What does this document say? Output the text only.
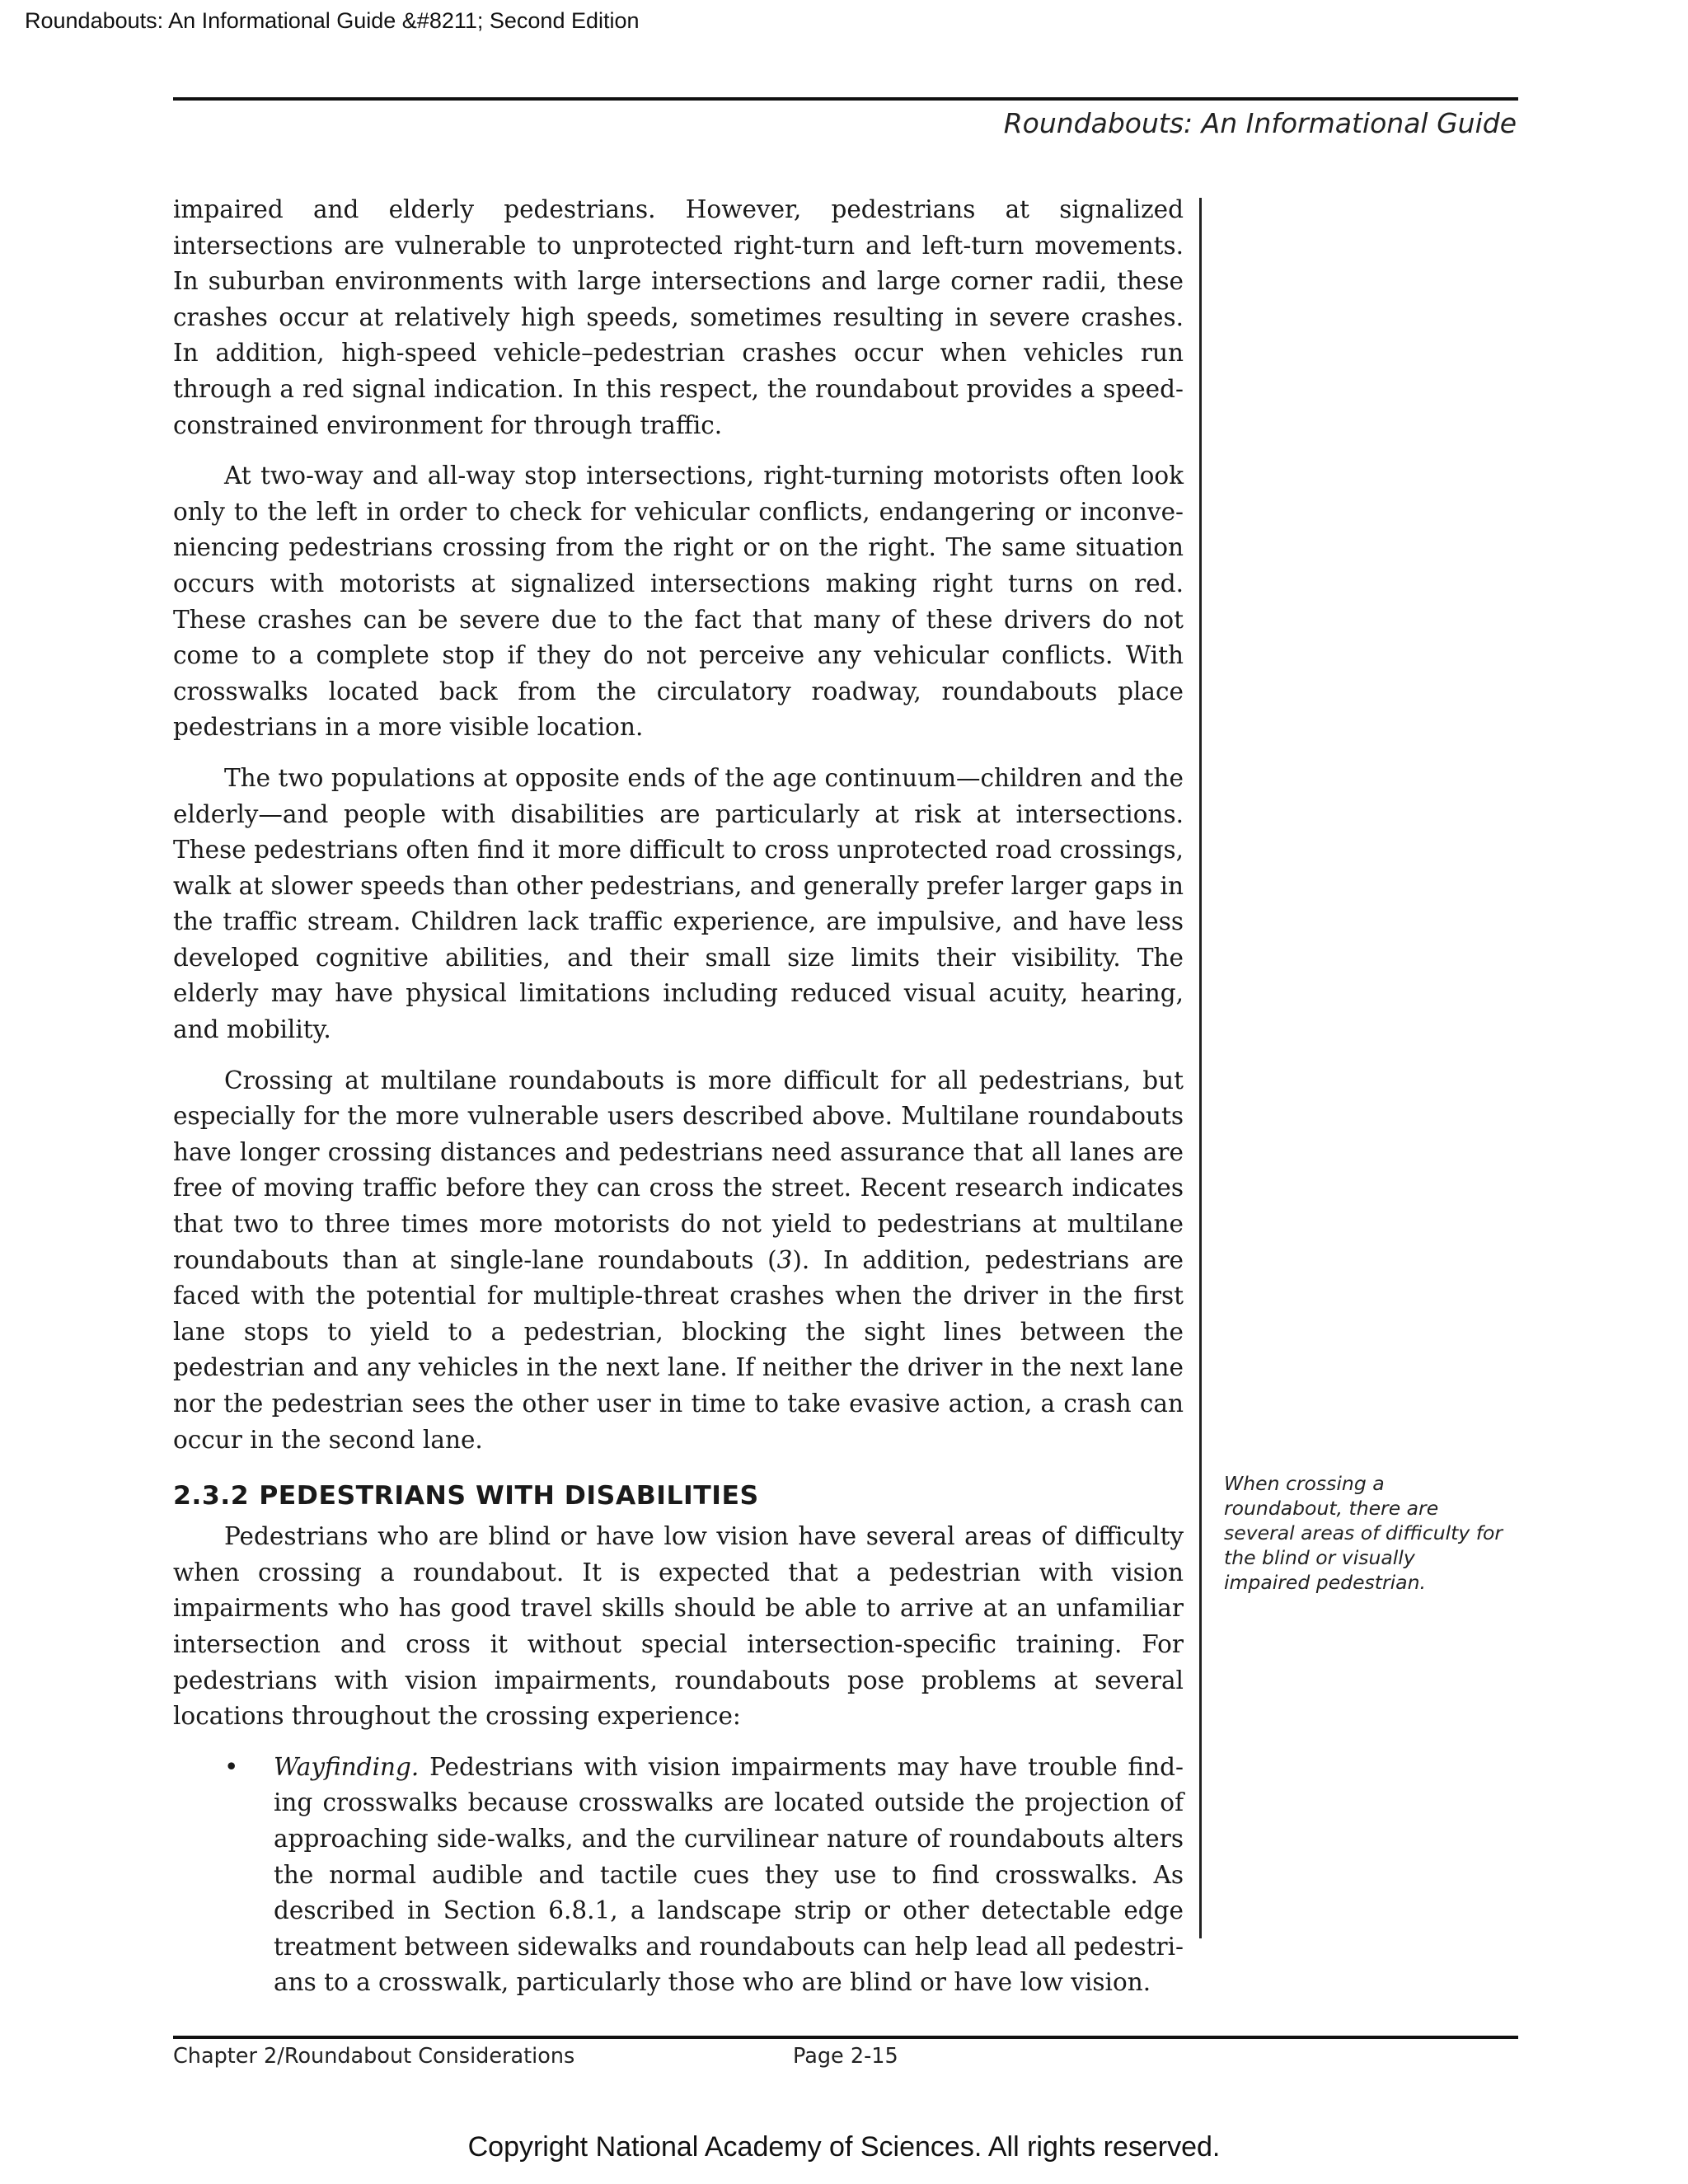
Roundabouts: An Informational Guide &#8211; Second Edition
Roundabouts: An Informational Guide

impaired and elderly pedestrians. However, pedestrians at signalized intersections are vulnerable to unprotected right-turn and left-turn movements. In suburban environments with large intersections and large corner radii, these crashes occur at relatively high speeds, sometimes resulting in severe crashes. In addition, high-speed vehicle–pedestrian crashes occur when vehicles run through a red signal indication. In this respect, the roundabout provides a speed-constrained environment for through traffic.

At two-way and all-way stop intersections, right-turning motorists often look only to the left in order to check for vehicular conflicts, endangering or inconveniencing pedestrians crossing from the right or on the right. The same situation occurs with motorists at signalized intersections making right turns on red. These crashes can be severe due to the fact that many of these drivers do not come to a complete stop if they do not perceive any vehicular conflicts. With crosswalks located back from the circulatory roadway, roundabouts place pedestrians in a more visible location.

The two populations at opposite ends of the age continuum—children and the elderly—and people with disabilities are particularly at risk at intersections. These pedestrians often find it more difficult to cross unprotected road crossings, walk at slower speeds than other pedestrians, and generally prefer larger gaps in the traffic stream. Children lack traffic experience, are impulsive, and have less developed cognitive abilities, and their small size limits their visibility. The elderly may have physical limitations including reduced visual acuity, hearing, and mobility.

Crossing at multilane roundabouts is more difficult for all pedestrians, but especially for the more vulnerable users described above. Multilane roundabouts have longer crossing distances and pedestrians need assurance that all lanes are free of moving traffic before they can cross the street. Recent research indicates that two to three times more motorists do not yield to pedestrians at multilane roundabouts than at single-lane roundabouts (3). In addition, pedestrians are faced with the potential for multiple-threat crashes when the driver in the first lane stops to yield to a pedestrian, blocking the sight lines between the pedestrian and any vehicles in the next lane. If neither the driver in the next lane nor the pedestrian sees the other user in time to take evasive action, a crash can occur in the second lane.

2.3.2 PEDESTRIANS WITH DISABILITIES

Pedestrians who are blind or have low vision have several areas of difficulty when crossing a roundabout. It is expected that a pedestrian with vision impairments who has good travel skills should be able to arrive at an unfamiliar intersection and cross it without special intersection-specific training. For pedestrians with vision impairments, roundabouts pose problems at several locations throughout the crossing experience:

• Wayfinding. Pedestrians with vision impairments may have trouble finding crosswalks because crosswalks are located outside the projection of approaching side-walks, and the curvilinear nature of roundabouts alters the normal audible and tactile cues they use to find crosswalks. As described in Section 6.8.1, a landscape strip or other detectable edge treatment between sidewalks and roundabouts can help lead all pedestrians to a crosswalk, particularly those who are blind or have low vision.
When crossing a roundabout, there are several areas of difficulty for the blind or visually impaired pedestrian.
Chapter 2/Roundabout Considerations	Page 2-15
Copyright National Academy of Sciences. All rights reserved.
